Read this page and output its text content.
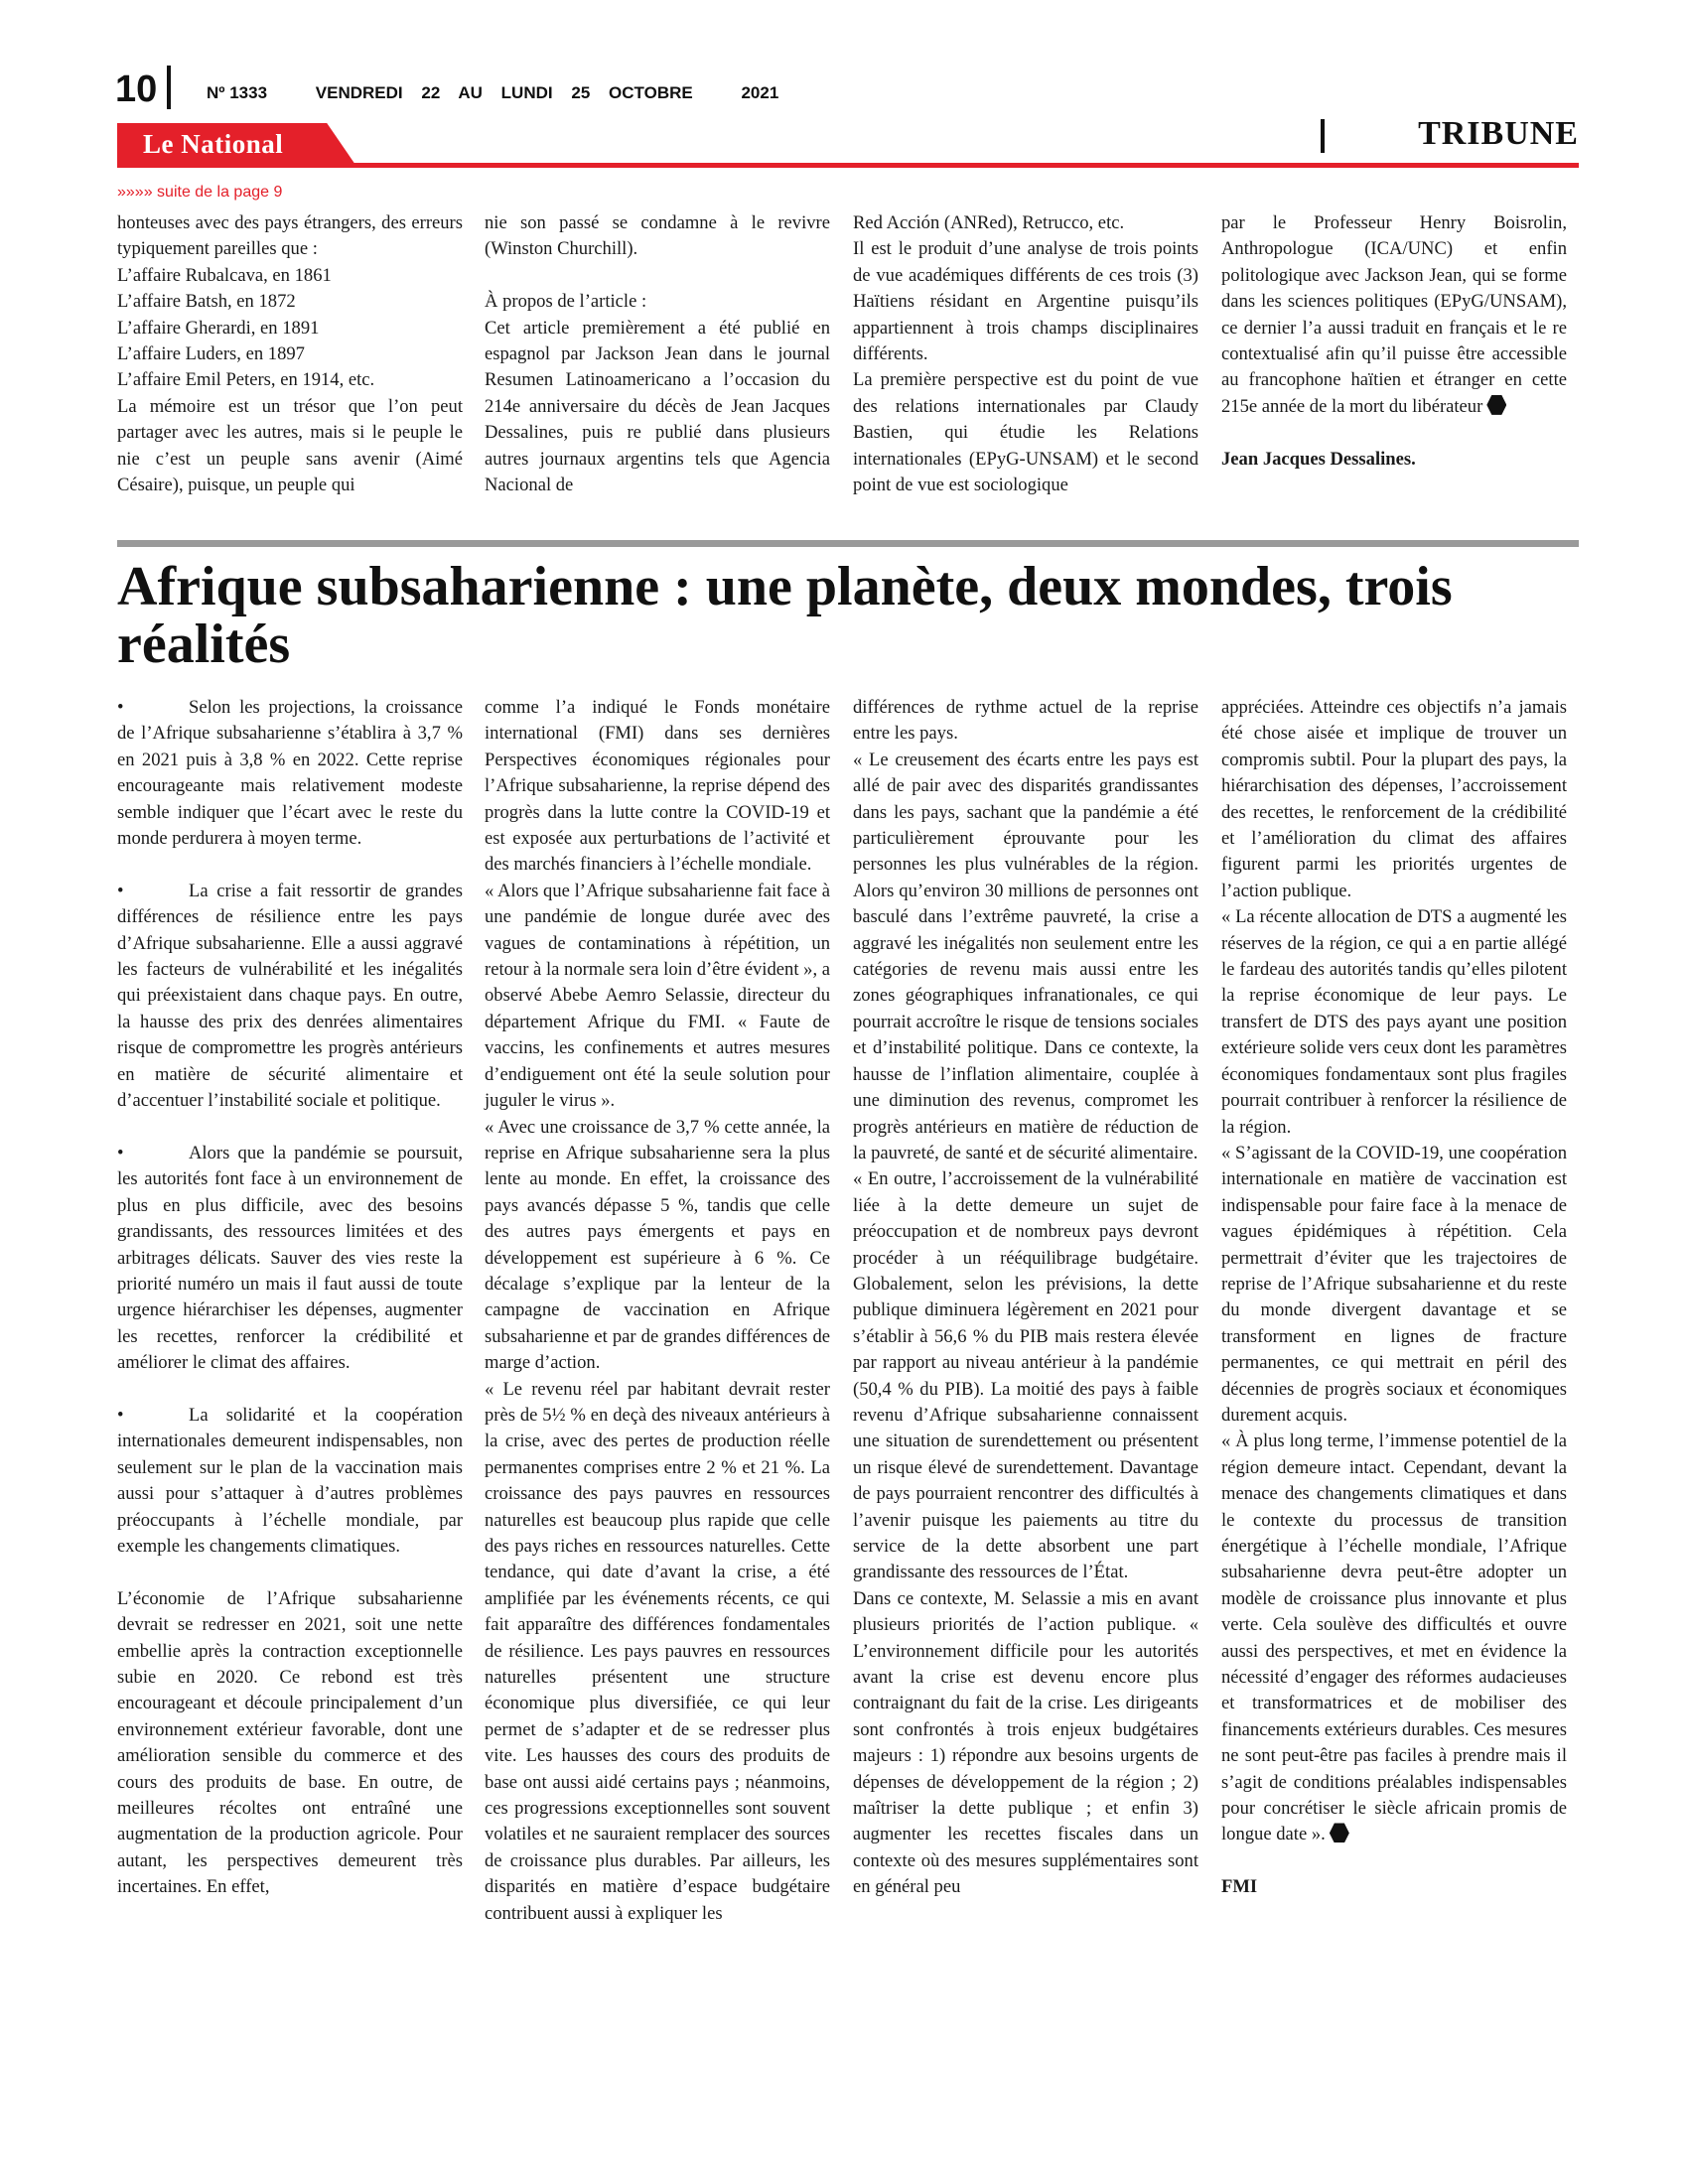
10	Nº 1333	VENDREDI 22 AU LUNDI 25 OCTOBRE	2021
Le National	TRIBUNE
»»»» suite de la page 9

honteuses avec des pays étrangers, des erreurs typiquement pareilles que :

L’affaire Rubalcava, en 1861

L’affaire Batsh, en 1872

L’affaire Gherardi, en 1891

L’affaire Luders, en 1897

L’affaire Emil Peters, en 1914, etc.

La mémoire est un trésor que l’on peut partager avec les autres, mais si le peuple le nie c’est un peuple sans avenir (Aimé Césaire), puisque, un peuple qui

nie son passé se condamne à le revivre (Winston Churchill).

À propos de l’article :

Cet article premièrement a été publié en espagnol par Jackson Jean dans le journal Resumen Latinoamericano a l’occasion du 214e anniversaire du décès de Jean Jacques Dessalines, puis re publié dans plusieurs autres journaux argentins tels que Agencia Nacional de

Red Acción (ANRed), Retrucco, etc.

Il est le produit d’une analyse de trois points de vue académiques différents de ces trois (3) Haïtiens résidant en Argentine puisqu’ils appartiennent à trois champs disciplinaires différents.

La première perspective est du point de vue des relations internationales par Claudy Bastien, qui étudie les Relations internationales (EPyG-UNSAM) et le second point de vue est sociologique

par le Professeur Henry Boisrolin, Anthropologue (ICA/UNC) et enfin politologique avec Jackson Jean, qui se forme dans les sciences politiques (EPyG/UNSAM), ce dernier l’a aussi traduit en français et le re contextualisé afin qu’il puisse être accessible au francophone haïtien et étranger en cette 215e année de la mort du libérateur

Jean Jacques Dessalines.

Afrique subsaharienne : une planète, deux mondes, trois réalités

•	Selon les projections, la croissance de l’Afrique subsaharienne s’établira à 3,7 % en 2021 puis à 3,8 % en 2022. Cette reprise encourageante mais relativement modeste semble indiquer que l’écart avec le reste du monde perdurera à moyen terme.

•	La crise a fait ressortir de grandes différences de résilience entre les pays d’Afrique subsaharienne. Elle a aussi aggravé les facteurs de vulnérabilité et les inégalités qui préexistaient dans chaque pays. En outre, la hausse des prix des denrées alimentaires risque de compromettre les progrès antérieurs en matière de sécurité alimentaire et d’accentuer l’instabilité sociale et politique.

•	Alors que la pandémie se poursuit, les autorités font face à un environnement de plus en plus difficile, avec des besoins grandissants, des ressources limitées et des arbitrages délicats. Sauver des vies reste la priorité numéro un mais il faut aussi de toute urgence hiérarchiser les dépenses, augmenter les recettes, renforcer la crédibilité et améliorer le climat des affaires.

•	La solidarité et la coopération internationales demeurent indispensables, non seulement sur le plan de la vaccination mais aussi pour s’attaquer à d’autres problèmes préoccupants à l’échelle mondiale, par exemple les changements climatiques.

L’économie de l’Afrique subsaharienne devrait se redresser en 2021, soit une nette embellie après la contraction exceptionnelle subie en 2020. Ce rebond est très encourageant et découle principalement d’un environnement extérieur favorable, dont une amélioration sensible du commerce et des cours des produits de base. En outre, de meilleures récoltes ont entraîné une augmentation de la production agricole. Pour autant, les perspectives demeurent très incertaines. En effet,

comme l’a indiqué le Fonds monétaire international (FMI) dans ses dernières Perspectives économiques régionales pour l’Afrique subsaharienne, la reprise dépend des progrès dans la lutte contre la COVID-19 et est exposée aux perturbations de l’activité et des marchés financiers à l’échelle mondiale.

« Alors que l’Afrique subsaharienne fait face à une pandémie de longue durée avec des vagues de contaminations à répétition, un retour à la normale sera loin d’être évident », a observé Abebe Aemro Selassie, directeur du département Afrique du FMI. « Faute de vaccins, les confinements et autres mesures d’endiguement ont été la seule solution pour juguler le virus ».

« Avec une croissance de 3,7 % cette année, la reprise en Afrique subsaharienne sera la plus lente au monde. En effet, la croissance des pays avancés dépasse 5 %, tandis que celle des autres pays émergents et pays en développement est supérieure à 6 %. Ce décalage s’explique par la lenteur de la campagne de vaccination en Afrique subsaharienne et par de grandes différences de marge d’action.

« Le revenu réel par habitant devrait rester près de 5½ % en deçà des niveaux antérieurs à la crise, avec des pertes de production réelle permanentes comprises entre 2 % et 21 %. La croissance des pays pauvres en ressources naturelles est beaucoup plus rapide que celle des pays riches en ressources naturelles. Cette tendance, qui date d’avant la crise, a été amplifiée par les événements récents, ce qui fait apparaître des différences fondamentales de résilience. Les pays pauvres en ressources naturelles présentent une structure économique plus diversifiée, ce qui leur permet de s’adapter et de se redresser plus vite. Les hausses des cours des produits de base ont aussi aidé certains pays ; néanmoins, ces progressions exceptionnelles sont souvent volatiles et ne sauraient remplacer des sources de croissance plus durables. Par ailleurs, les disparités en matière d’espace budgétaire contribuent aussi à expliquer les

différences de rythme actuel de la reprise entre les pays.

« Le creusement des écarts entre les pays est allé de pair avec des disparités grandissantes dans les pays, sachant que la pandémie a été particulièrement éprouvante pour les personnes les plus vulnérables de la région. Alors qu’environ 30 millions de personnes ont basculé dans l’extrême pauvreté, la crise a aggravé les inégalités non seulement entre les catégories de revenu mais aussi entre les zones géographiques infranationales, ce qui pourrait accroître le risque de tensions sociales et d’instabilité politique. Dans ce contexte, la hausse de l’inflation alimentaire, couplée à une diminution des revenus, compromet les progrès antérieurs en matière de réduction de la pauvreté, de santé et de sécurité alimentaire.

« En outre, l’accroissement de la vulnérabilité liée à la dette demeure un sujet de préoccupation et de nombreux pays devront procéder à un rééquilibrage budgétaire. Globalement, selon les prévisions, la dette publique diminuera légèrement en 2021 pour s’établir à 56,6 % du PIB mais restera élevée par rapport au niveau antérieur à la pandémie (50,4 % du PIB). La moitié des pays à faible revenu d’Afrique subsaharienne connaissent une situation de surendettement ou présentent un risque élevé de surendettement. Davantage de pays pourraient rencontrer des difficultés à l’avenir puisque les paiements au titre du service de la dette absorbent une part grandissante des ressources de l’État.

Dans ce contexte, M. Selassie a mis en avant plusieurs priorités de l’action publique. « L’environnement difficile pour les autorités avant la crise est devenu encore plus contraignant du fait de la crise. Les dirigeants sont confrontés à trois enjeux budgétaires majeurs : 1) répondre aux besoins urgents de dépenses de développement de la région ; 2) maîtriser la dette publique ; et enfin 3) augmenter les recettes fiscales dans un contexte où des mesures supplémentaires sont en général peu

appréciées. Atteindre ces objectifs n’a jamais été chose aisée et implique de trouver un compromis subtil. Pour la plupart des pays, la hiérarchisation des dépenses, l’accroissement des recettes, le renforcement de la crédibilité et l’amélioration du climat des affaires figurent parmi les priorités urgentes de l’action publique.

« La récente allocation de DTS a augmenté les réserves de la région, ce qui a en partie allégé le fardeau des autorités tandis qu’elles pilotent la reprise économique de leur pays. Le transfert de DTS des pays ayant une position extérieure solide vers ceux dont les paramètres économiques fondamentaux sont plus fragiles pourrait contribuer à renforcer la résilience de la région.

« S’agissant de la COVID-19, une coopération internationale en matière de vaccination est indispensable pour faire face à la menace de vagues épidémiques à répétition. Cela permettrait d’éviter que les trajectoires de reprise de l’Afrique subsaharienne et du reste du monde divergent davantage et se transforment en lignes de fracture permanentes, ce qui mettrait en péril des décennies de progrès sociaux et économiques durement acquis.

« À plus long terme, l’immense potentiel de la région demeure intact. Cependant, devant la menace des changements climatiques et dans le contexte du processus de transition énergétique à l’échelle mondiale, l’Afrique subsaharienne devra peut-être adopter un modèle de croissance plus innovante et plus verte. Cela soulève des difficultés et ouvre aussi des perspectives, et met en évidence la nécessité d’engager des réformes audacieuses et transformatrices et de mobiliser des financements extérieurs durables. Ces mesures ne sont peut-être pas faciles à prendre mais il s’agit de conditions préalables indispensables pour concrétiser le siècle africain promis de longue date ».

FMI
